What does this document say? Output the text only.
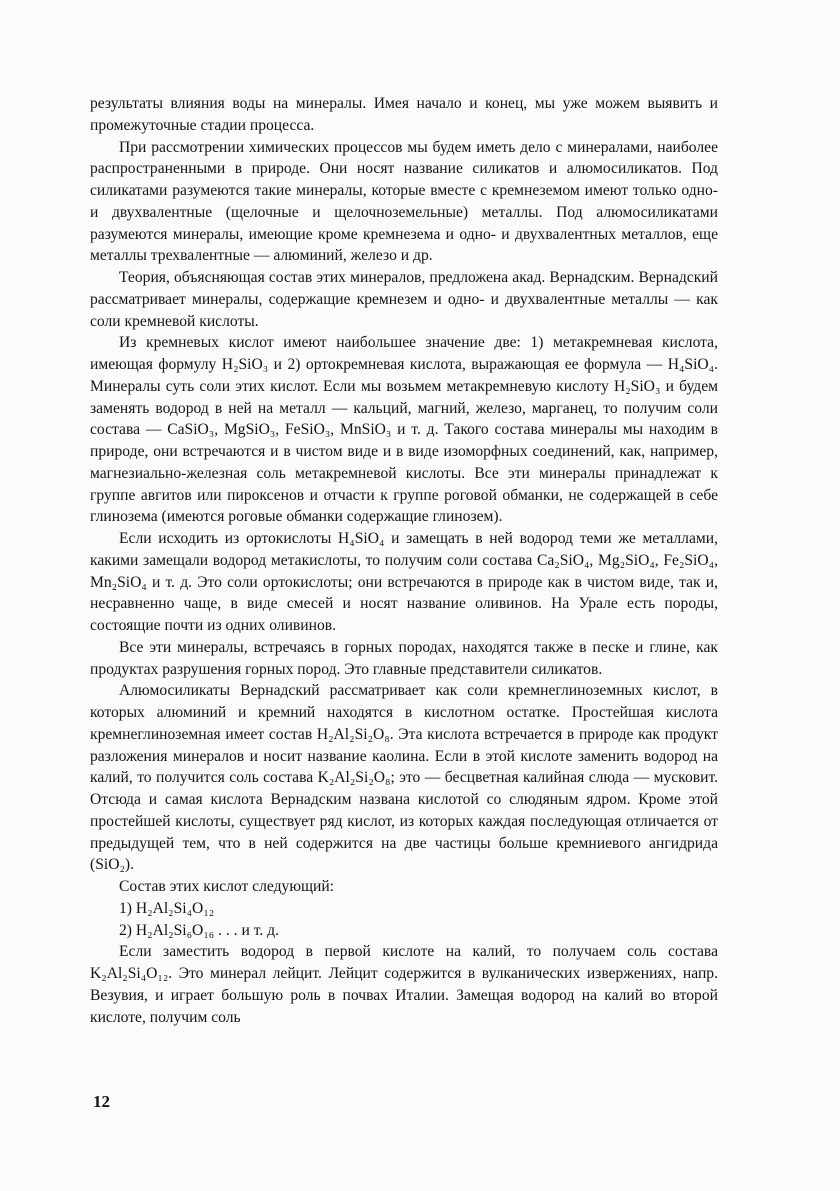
результаты влияния воды на минералы. Имея начало и конец, мы уже можем выявить и промежуточные стадии процесса.

При рассмотрении химических процессов мы будем иметь дело с минералами, наиболее распространенными в природе. Они носят название силикатов и алюмосиликатов. Под силикатами разумеются такие минералы, которые вместе с кремнеземом имеют только одно- и двухвалентные (щелочные и щелочноземельные) металлы. Под алюмосиликатами разумеются минералы, имеющие кроме кремнезема и одно- и двухвалентных металлов, еще металлы трехвалентные — алюминий, железо и др.

Теория, объясняющая состав этих минералов, предложена акад. Вернадским. Вернадский рассматривает минералы, содержащие кремнезем и одно- и двухвалентные металлы — как соли кремневой кислоты.

Из кремневых кислот имеют наибольшее значение две: 1) метакремневая кислота, имеющая формулу H₂SiO₃ и 2) ортокремневая кислота, выражающая ее формула — H₄SiO₄. Минералы суть соли этих кислот. Если мы возьмем метакремневую кислоту H₂SiO₃ и будем заменять водород в ней на металл — кальций, магний, железо, марганец, то получим соли состава — CaSiO₃, MgSiO₃, FeSiO₃, MnSiO₃ и т. д. Такого состава минералы мы находим в природе, они встречаются и в чистом виде и в виде изоморфных соединений, как, например, магнезиально-железная соль метакремневой кислоты. Все эти минералы принадлежат к группе авгитов или пироксенов и отчасти к группе роговой обманки, не содержащей в себе глинозема (имеются роговые обманки содержащие глинозем).

Если исходить из ортокислоты H₄SiO₄ и замещать в ней водород теми же металлами, какими замещали водород метакислоты, то получим соли состава Ca₂SiO₄, Mg₂SiO₄, Fe₂SiO₄, Mn₂SiO₄ и т. д. Это соли ортокислоты; они встречаются в природе как в чистом виде, так и, несравненно чаще, в виде смесей и носят название оливинов. На Урале есть породы, состоящие почти из одних оливинов.

Все эти минералы, встречаясь в горных породах, находятся также в песке и глине, как продуктах разрушения горных пород. Это главные представители силикатов.

Алюмосиликаты Вернадский рассматривает как соли кремнеглиноземных кислот, в которых алюминий и кремний находятся в кислотном остатке. Простейшая кислота кремнеглиноземная имеет состав H₂Al₂Si₂O₈. Эта кислота встречается в природе как продукт разложения минералов и носит название каолина. Если в этой кислоте заменить водород на калий, то получится соль состава K₂Al₂Si₂O₈; это — бесцветная калийная слюда — мусковит. Отсюда и самая кислота Вернадским названа кислотой со слюдяным ядром. Кроме этой простейшей кислоты, существует ряд кислот, из которых каждая последующая отличается от предыдущей тем, что в ней содержится на две частицы больше кремниевого ангидрида (SiO₂).

Состав этих кислот следующий:

1) H₂Al₂Si₄O₁₂

2) H₂Al₂Si₆O₁₆ . . . и т. д.

Если заместить водород в первой кислоте на калий, то получаем соль состава K₂Al₂Si₄O₁₂. Это минерал лейцит. Лейцит содержится в вулканических извержениях, напр. Везувия, и играет большую роль в почвах Италии. Замещая водород на калий во второй кислоте, получим соль

12
